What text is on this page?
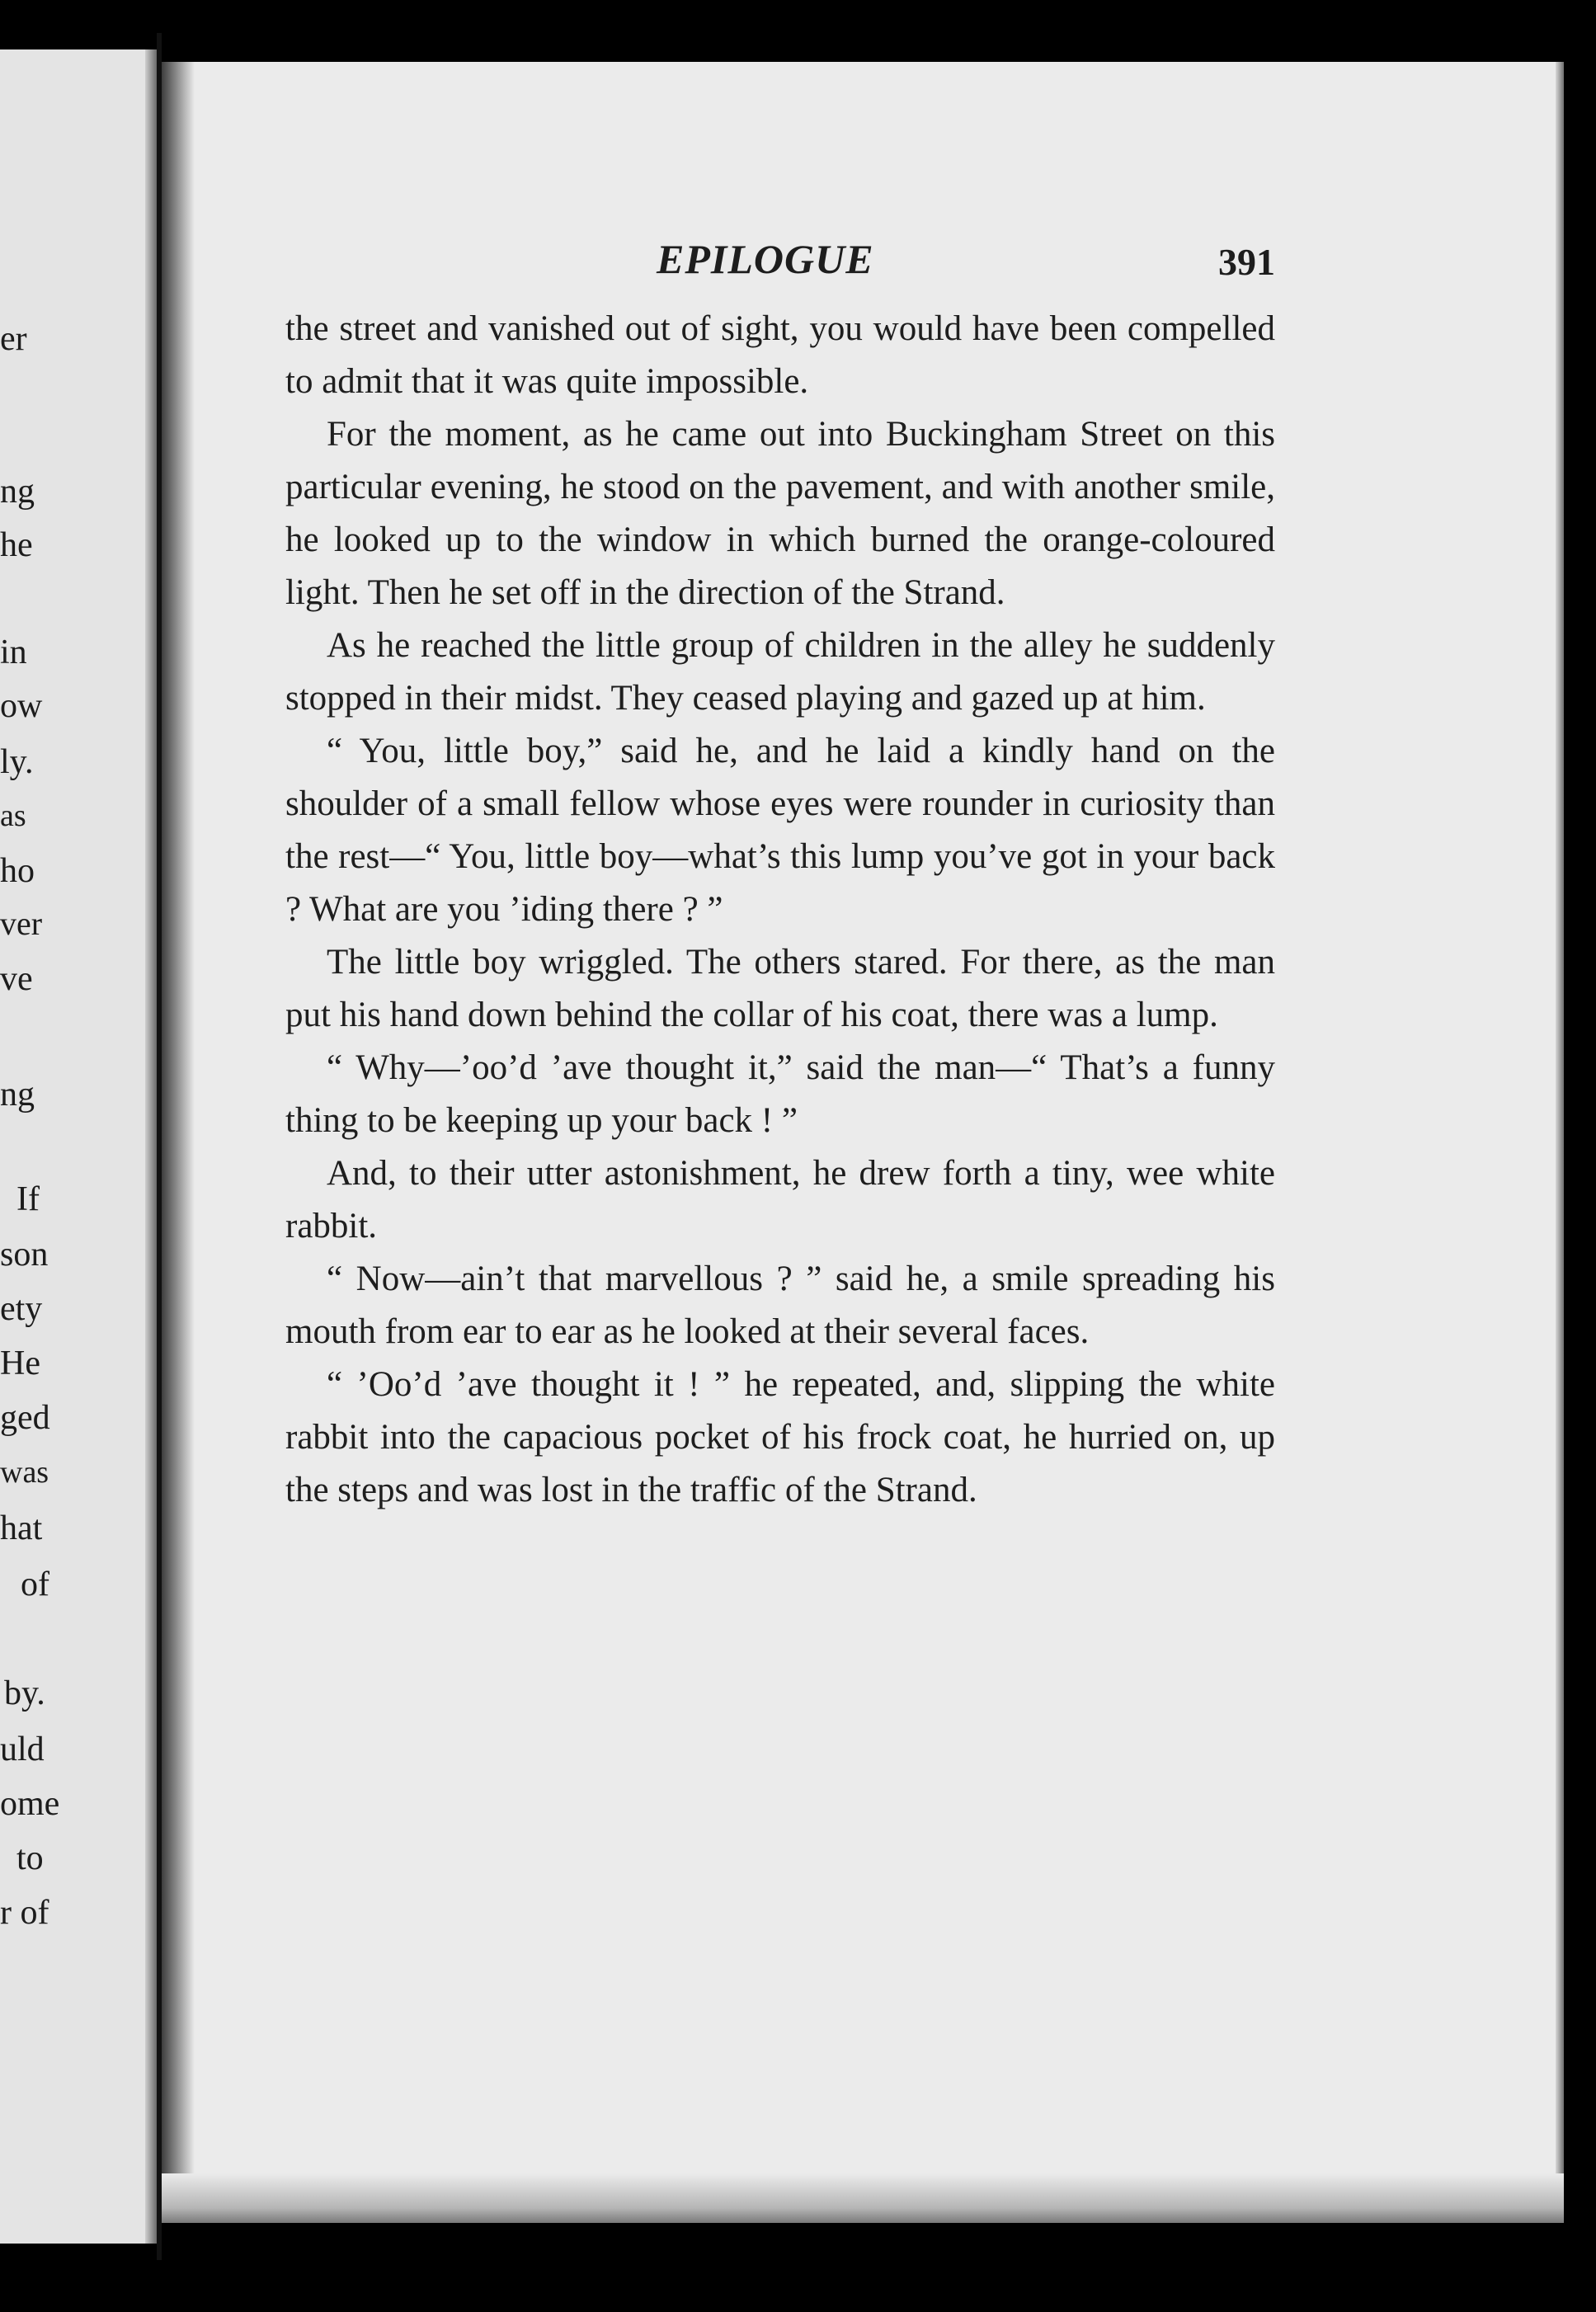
er
ng
he
in
ow
ly.
as
ho
ver
ve
ng
If
son
ety
He
ged
was
hat
of
by.
uld
ome
to
r of
EPILOGUE	391

the street and vanished out of sight, you would have been compelled to admit that it was quite impossible.

For the moment, as he came out into Buckingham Street on this particular evening, he stood on the pavement, and with another smile, he looked up to the window in which burned the orange-coloured light. Then he set off in the direction of the Strand.

As he reached the little group of children in the alley he suddenly stopped in their midst. They ceased playing and gazed up at him.

“ You, little boy,” said he, and he laid a kindly hand on the shoulder of a small fellow whose eyes were rounder in curiosity than the rest—“ You, little boy—what’s this lump you’ve got in your back ? What are you ’iding there ? ”

The little boy wriggled. The others stared. For there, as the man put his hand down behind the collar of his coat, there was a lump.

“ Why—’oo’d ’ave thought it,” said the man—“ That’s a funny thing to be keeping up your back ! ”

And, to their utter astonishment, he drew forth a tiny, wee white rabbit.

“ Now—ain’t that marvellous ? ” said he, a smile spreading his mouth from ear to ear as he looked at their several faces.

“ ’Oo’d ’ave thought it ! ” he repeated, and, slipping the white rabbit into the capacious pocket of his frock coat, he hurried on, up the steps and was lost in the traffic of the Strand.
